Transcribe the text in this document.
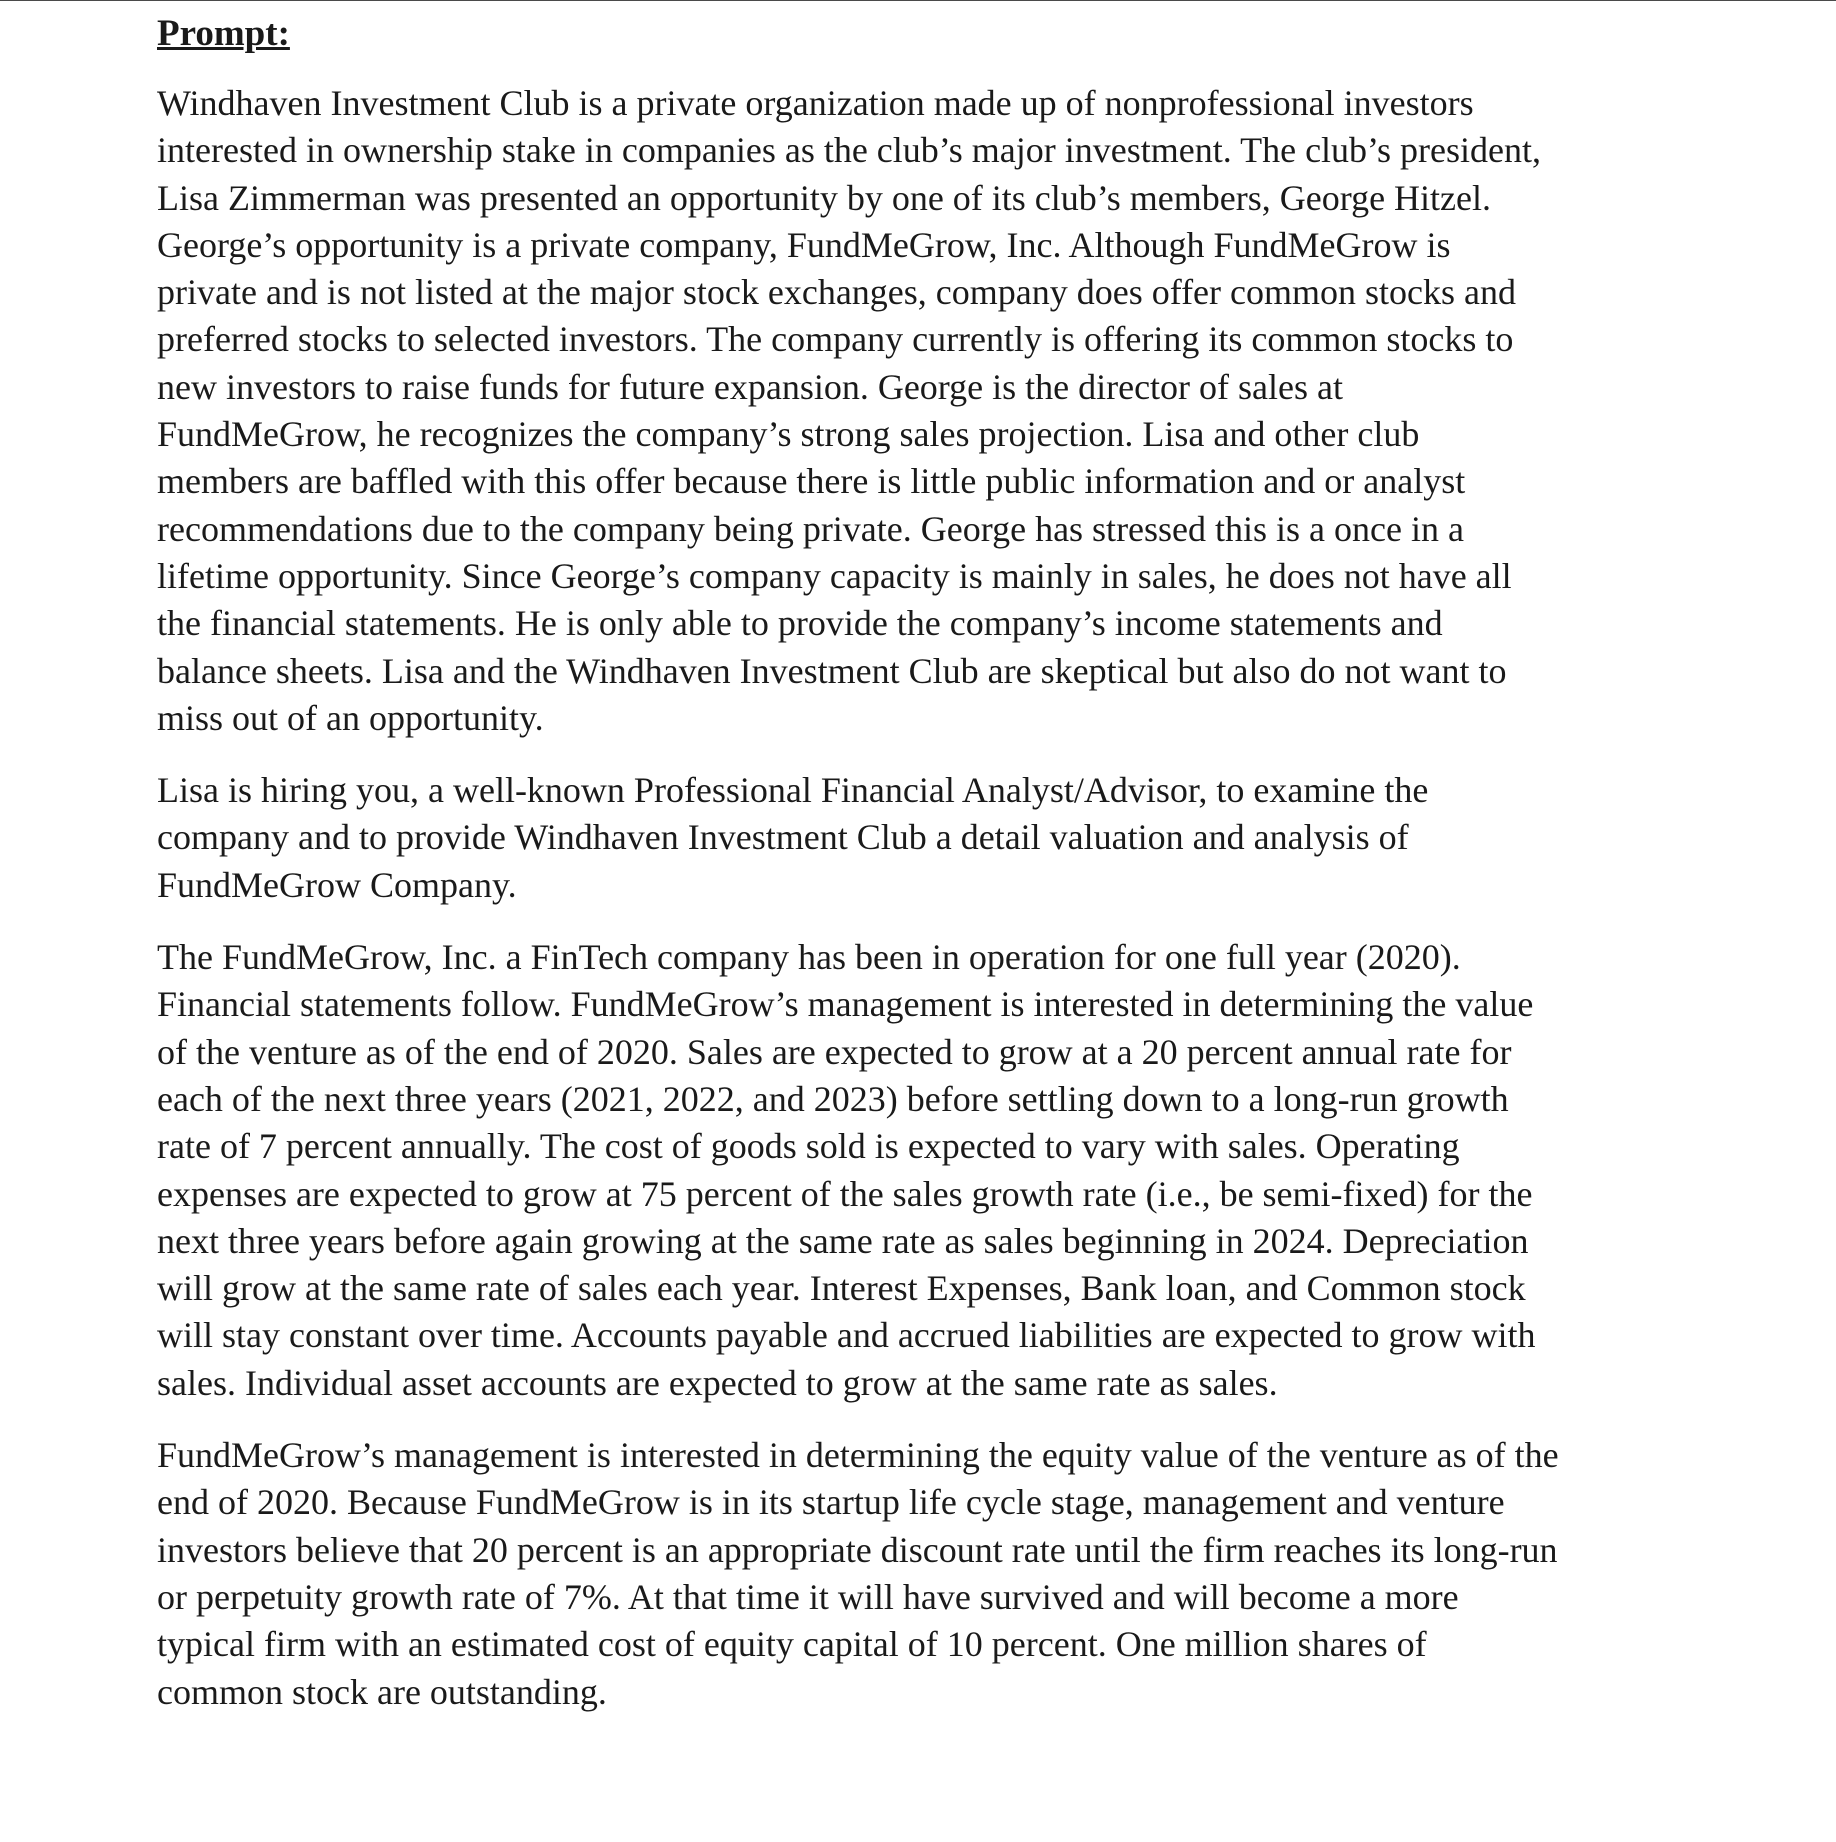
Prompt:
Windhaven Investment Club is a private organization made up of nonprofessional investors
interested in ownership stake in companies as the club’s major investment. The club’s president,
Lisa Zimmerman was presented an opportunity by one of its club’s members, George Hitzel.
George’s opportunity is a private company, FundMeGrow, Inc. Although FundMeGrow is
private and is not listed at the major stock exchanges, company does offer common stocks and
preferred stocks to selected investors. The company currently is offering its common stocks to
new investors to raise funds for future expansion. George is the director of sales at
FundMeGrow, he recognizes the company’s strong sales projection. Lisa and other club
members are baffled with this offer because there is little public information and or analyst
recommendations due to the company being private. George has stressed this is a once in a
lifetime opportunity. Since George’s company capacity is mainly in sales, he does not have all
the financial statements. He is only able to provide the company’s income statements and
balance sheets. Lisa and the Windhaven Investment Club are skeptical but also do not want to
miss out of an opportunity.
Lisa is hiring you, a well-known Professional Financial Analyst/Advisor, to examine the
company and to provide Windhaven Investment Club a detail valuation and analysis of
FundMeGrow Company.
The FundMeGrow, Inc. a FinTech company has been in operation for one full year (2020).
Financial statements follow. FundMeGrow’s management is interested in determining the value
of the venture as of the end of 2020. Sales are expected to grow at a 20 percent annual rate for
each of the next three years (2021, 2022, and 2023) before settling down to a long-run growth
rate of 7 percent annually. The cost of goods sold is expected to vary with sales. Operating
expenses are expected to grow at 75 percent of the sales growth rate (i.e., be semi-fixed) for the
next three years before again growing at the same rate as sales beginning in 2024. Depreciation
will grow at the same rate of sales each year. Interest Expenses, Bank loan, and Common stock
will stay constant over time. Accounts payable and accrued liabilities are expected to grow with
sales. Individual asset accounts are expected to grow at the same rate as sales.
FundMeGrow’s management is interested in determining the equity value of the venture as of the
end of 2020. Because FundMeGrow is in its startup life cycle stage, management and venture
investors believe that 20 percent is an appropriate discount rate until the firm reaches its long-run
or perpetuity growth rate of 7%. At that time it will have survived and will become a more
typical firm with an estimated cost of equity capital of 10 percent. One million shares of
common stock are outstanding.
